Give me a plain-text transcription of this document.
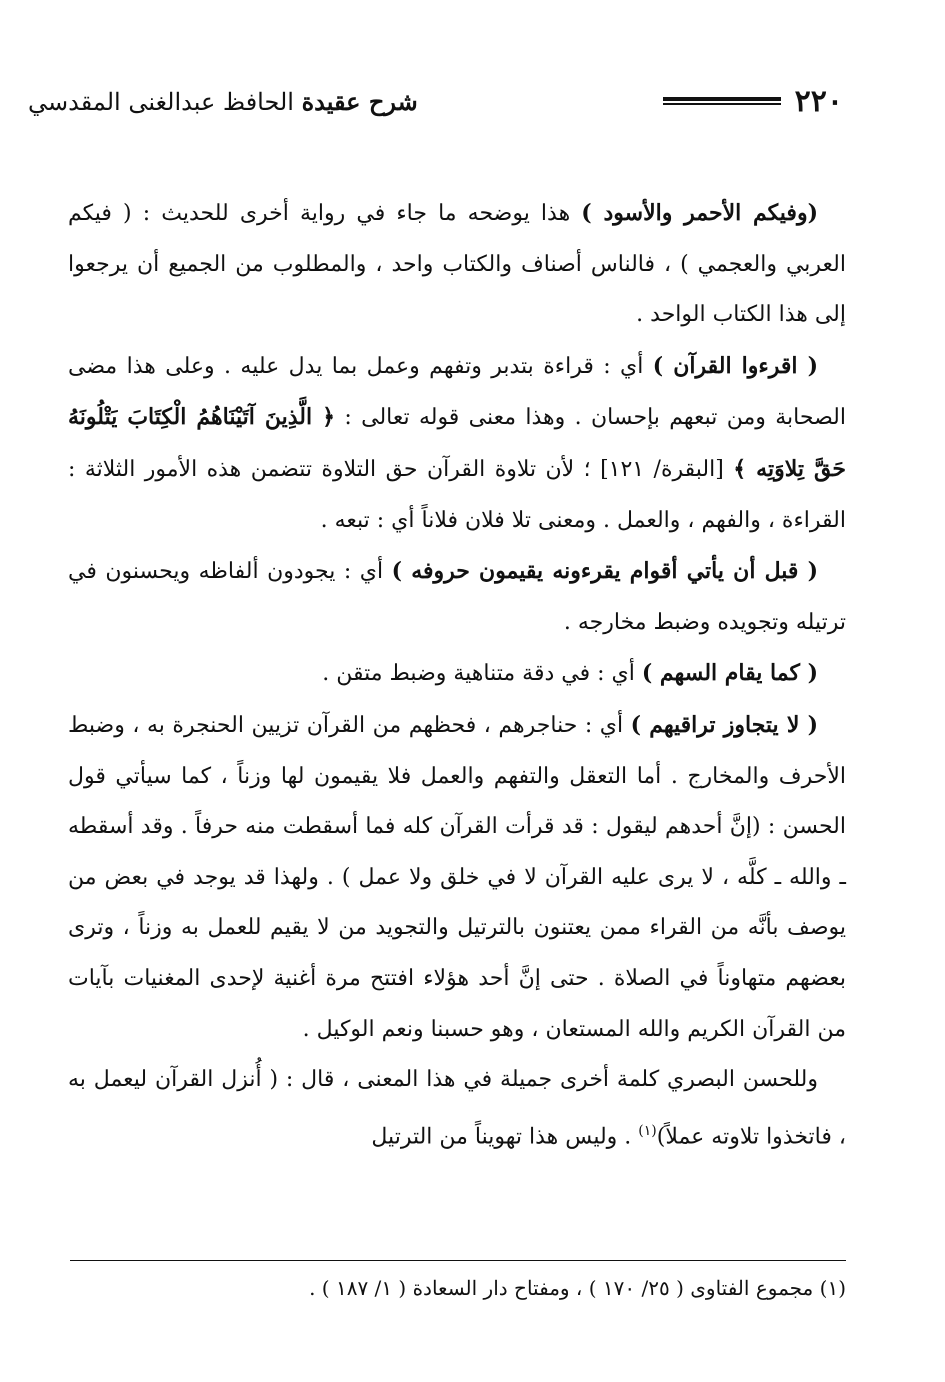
٢٢٠
شرح عقيدة الحافظ عبدالغنى المقدسي

(وفيكم الأحمر والأسود ) هذا يوضحه ما جاء في رواية أخرى للحديث : ( فيكم العربي والعجمي ) ، فالناس أصناف والكتاب واحد ، والمطلوب من الجميع أن يرجعوا إلى هذا الكتاب الواحد .

( اقرءوا القرآن ) أي : قراءة بتدبر وتفهم وعمل بما يدل عليه . وعلى هذا مضى الصحابة ومن تبعهم بإحسان . وهذا معنى قوله تعالى : ﴿ الَّذِينَ آتَيْنَاهُمُ الْكِتَابَ يَتْلُونَهُ حَقَّ تِلاوَتِه ﴾ [البقرة/ ١٢١] ؛ لأن تلاوة القرآن حق التلاوة تتضمن هذه الأمور الثلاثة : القراءة ، والفهم ، والعمل . ومعنى تلا فلان فلاناً أي : تبعه .

( قبل أن يأتي أقوام يقرءونه يقيمون حروفه ) أي : يجودون ألفاظه ويحسنون في ترتيله وتجويده وضبط مخارجه .

( كما يقام السهم ) أي : في دقة متناهية وضبط متقن .

( لا يتجاوز تراقيهم ) أي : حناجرهم ، فحظهم من القرآن تزيين الحنجرة به ، وضبط الأحرف والمخارج . أما التعقل والتفهم والعمل فلا يقيمون لها وزناً ، كما سيأتي قول الحسن : (إنَّ أحدهم ليقول : قد قرأت القرآن كله فما أسقطت منه حرفاً . وقد أسقطه ـ والله ـ كلَّه ، لا يرى عليه القرآن لا في خلق ولا عمل ) . ولهذا قد يوجد في بعض من يوصف بأنَّه من القراء ممن يعتنون بالترتيل والتجويد من لا يقيم للعمل به وزناً ، وترى بعضهم متهاوناً في الصلاة . حتى إنَّ أحد هؤلاء افتتح مرة أغنية لإحدى المغنيات بآيات من القرآن الكريم والله المستعان ، وهو حسبنا ونعم الوكيل .

وللحسن البصري كلمة أخرى جميلة في هذا المعنى ، قال : ( أُنزل القرآن ليعمل به ، فاتخذوا تلاوته عملاً)$^{(١)}$ . وليس هذا تهويناً من الترتيل

(١) مجموع الفتاوى ( ٢٥/ ١٧٠ ) ، ومفتاح دار السعادة ( ١/ ١٨٧ ) .
